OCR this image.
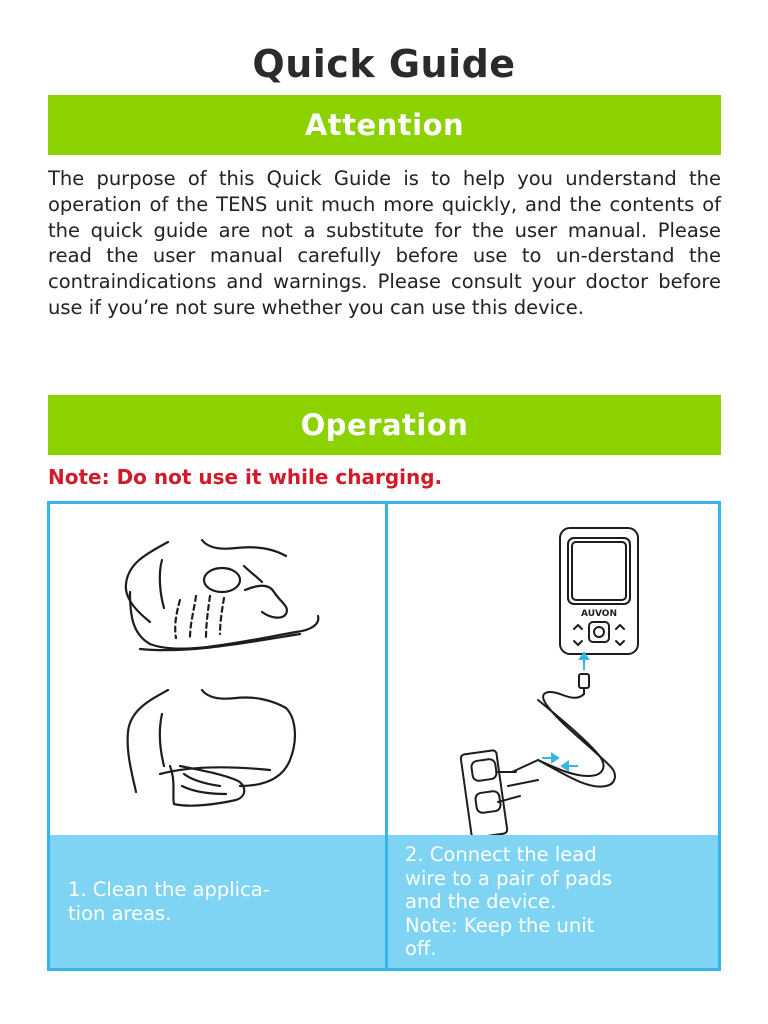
Quick Guide
Attention
The purpose of this Quick Guide is to help you understand the operation of the TENS unit much more quickly, and the contents of the quick guide are not a substitute for the user manual. Please read the user manual carefully before use to un-derstand the contraindications and warnings. Please consult your doctor before use if you’re not sure whether you can use this device.
Operation
Note: Do not use it while charging.
AUVON
1. Clean the applica-
tion areas.
2. Connect the lead
wire to a pair of pads
and the device.
Note: Keep the unit
off.
